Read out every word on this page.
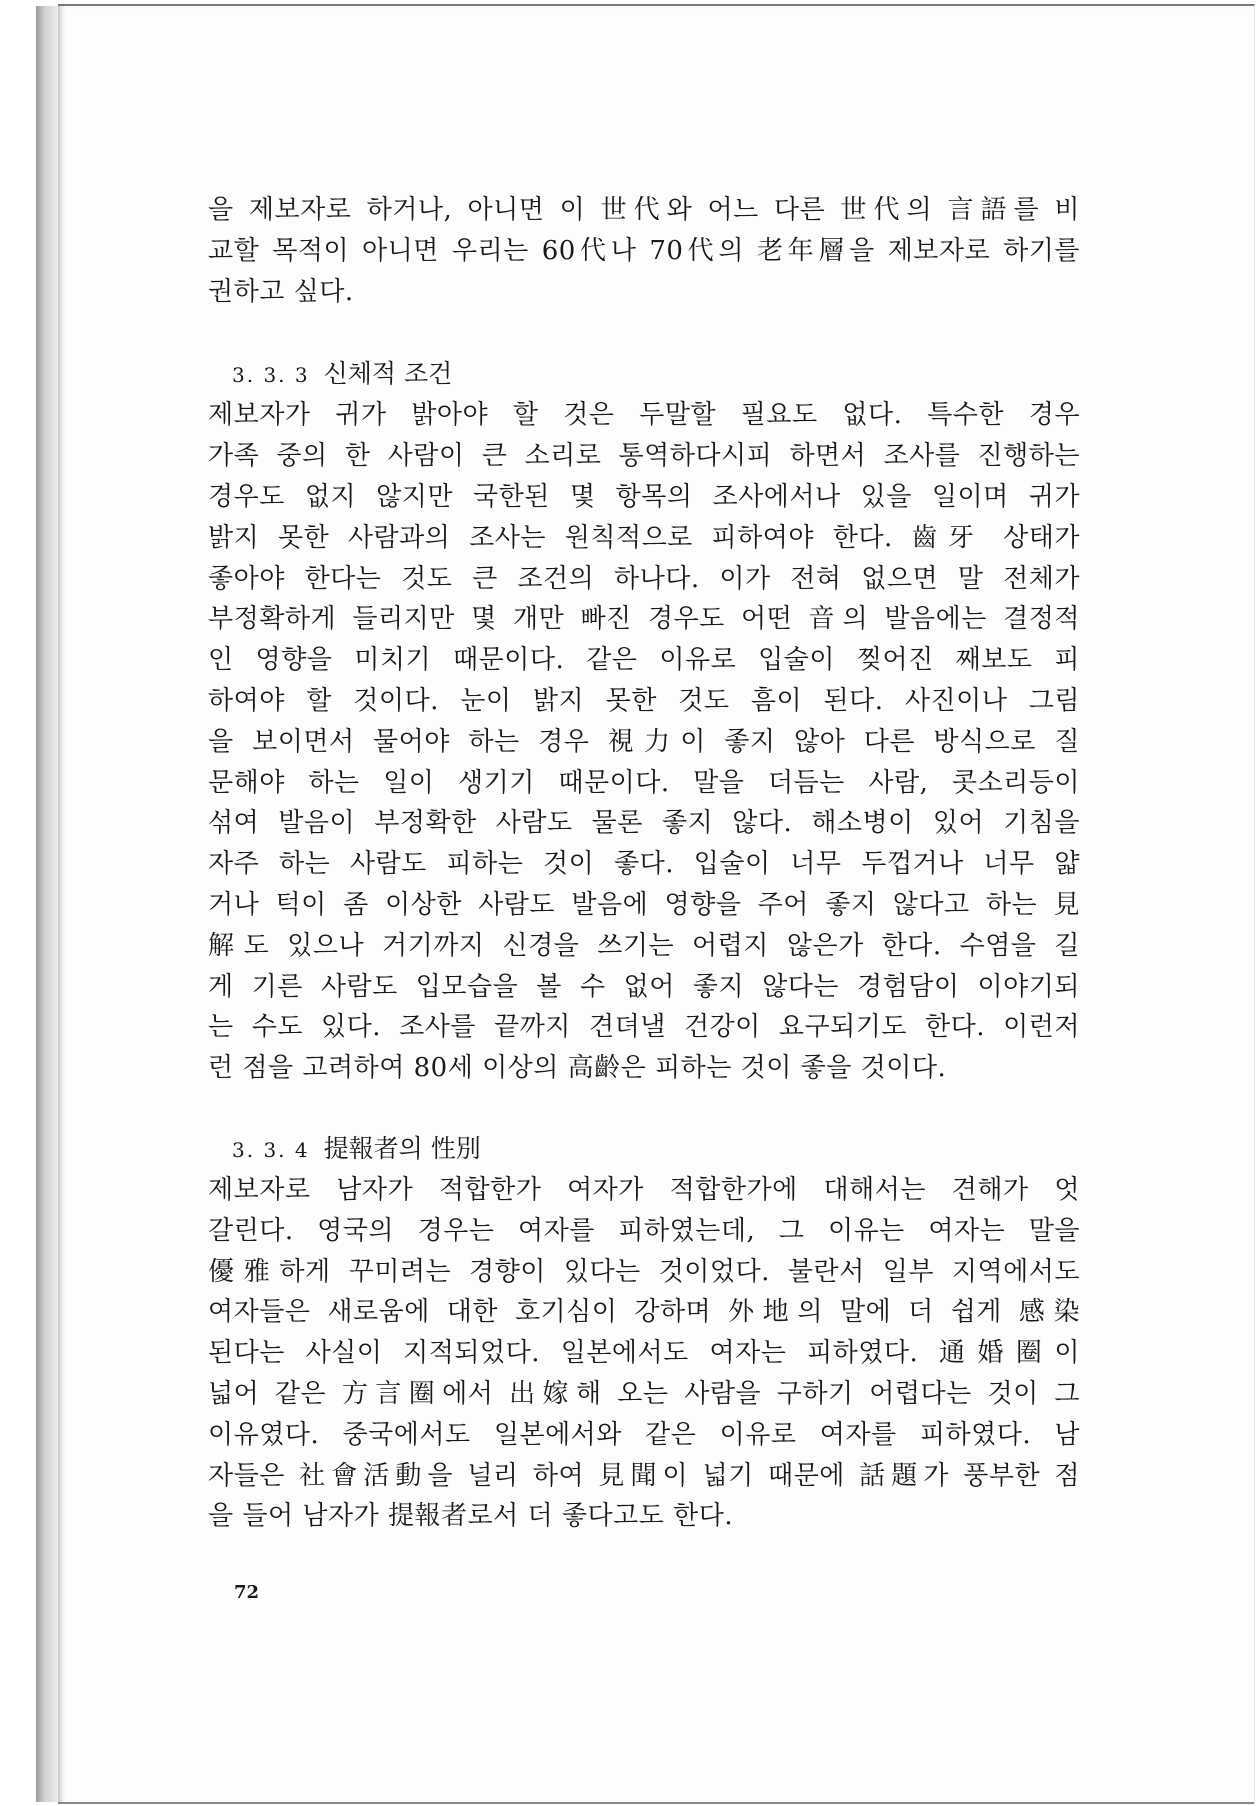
을 제보자로 하거나, 아니면 이 世代와 어느 다른 世代의 言語를 비

교할 목적이 아니면 우리는 60代나 70代의 老年層을 제보자로 하기를

권하고 싶다.

3. 3. 3 신체적 조건

제보자가 귀가 밝아야 할 것은 두말할 필요도 없다. 특수한 경우

가족 중의 한 사람이 큰 소리로 통역하다시피 하면서 조사를 진행하는

경우도 없지 않지만 국한된 몇 항목의 조사에서나 있을 일이며 귀가

밝지 못한 사람과의 조사는 원칙적으로 피하여야 한다. 齒牙 상태가

좋아야 한다는 것도 큰 조건의 하나다. 이가 전혀 없으면 말 전체가

부정확하게 들리지만 몇 개만 빠진 경우도 어떤 音의 발음에는 결정적

인 영향을 미치기 때문이다. 같은 이유로 입술이 찢어진 째보도 피

하여야 할 것이다. 눈이 밝지 못한 것도 흠이 된다. 사진이나 그림

을 보이면서 물어야 하는 경우 視力이 좋지 않아 다른 방식으로 질

문해야 하는 일이 생기기 때문이다. 말을 더듬는 사람, 콧소리등이

섞여 발음이 부정확한 사람도 물론 좋지 않다. 해소병이 있어 기침을

자주 하는 사람도 피하는 것이 좋다. 입술이 너무 두껍거나 너무 얇

거나 턱이 좀 이상한 사람도 발음에 영향을 주어 좋지 않다고 하는 見

解도 있으나 거기까지 신경을 쓰기는 어렵지 않은가 한다. 수염을 길

게 기른 사람도 입모습을 볼 수 없어 좋지 않다는 경험담이 이야기되

는 수도 있다. 조사를 끝까지 견뎌낼 건강이 요구되기도 한다. 이런저

런 점을 고려하여 80세 이상의 高齡은 피하는 것이 좋을 것이다.

3. 3. 4 提報者의 性別

제보자로 남자가 적합한가 여자가 적합한가에 대해서는 견해가 엇

갈린다. 영국의 경우는 여자를 피하였는데, 그 이유는 여자는 말을

優雅하게 꾸미려는 경향이 있다는 것이었다. 불란서 일부 지역에서도

여자들은 새로움에 대한 호기심이 강하며 外地의 말에 더 쉽게 感染

된다는 사실이 지적되었다. 일본에서도 여자는 피하였다. 通婚圈이

넓어 같은 方言圈에서 出嫁해 오는 사람을 구하기 어렵다는 것이 그

이유였다. 중국에서도 일본에서와 같은 이유로 여자를 피하였다. 남

자들은 社會活動을 널리 하여 見聞이 넓기 때문에 話題가 풍부한 점

을 들어 남자가 提報者로서 더 좋다고도 한다.

72
